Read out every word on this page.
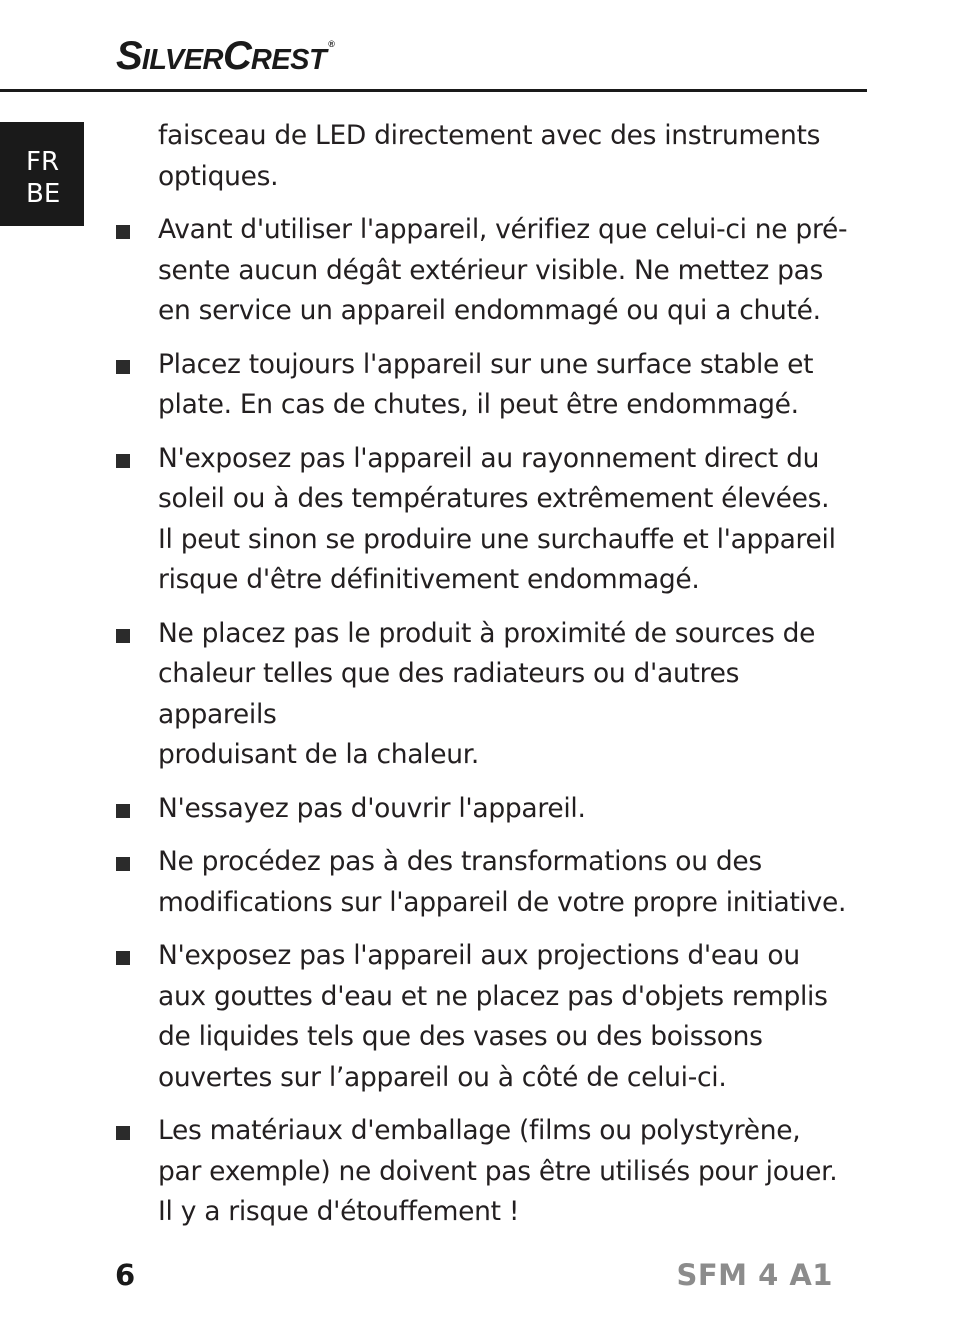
SILVERCREST ®
FR
BE

faisceau de LED directement avec des instruments
optiques.

Avant d'utiliser l'appareil, vérifiez que celui-ci ne pré-
sente aucun dégât extérieur visible. Ne mettez pas
en service un appareil endommagé ou qui a chuté.

Placez toujours l'appareil sur une surface stable et
plate. En cas de chutes, il peut être endommagé.

N'exposez pas l'appareil au rayonnement direct du
soleil ou à des températures extrêmement élevées.
Il peut sinon se produire une surchauffe et l'appareil
risque d'être définitivement endommagé.

Ne placez pas le produit à proximité de sources de
chaleur telles que des radiateurs ou d'autres appareils
produisant de la chaleur.

N'essayez pas d'ouvrir l'appareil.

Ne procédez pas à des transformations ou des
modifications sur l'appareil de votre propre initiative.

N'exposez pas l'appareil aux projections d'eau ou
aux gouttes d'eau et ne placez pas d'objets remplis
de liquides tels que des vases ou des boissons
ouvertes sur l’appareil ou à côté de celui-ci.

Les matériaux d'emballage (films ou polystyrène,
par exemple) ne doivent pas être utilisés pour jouer.
Il y a risque d'étouffement !

6	SFM 4 A1
